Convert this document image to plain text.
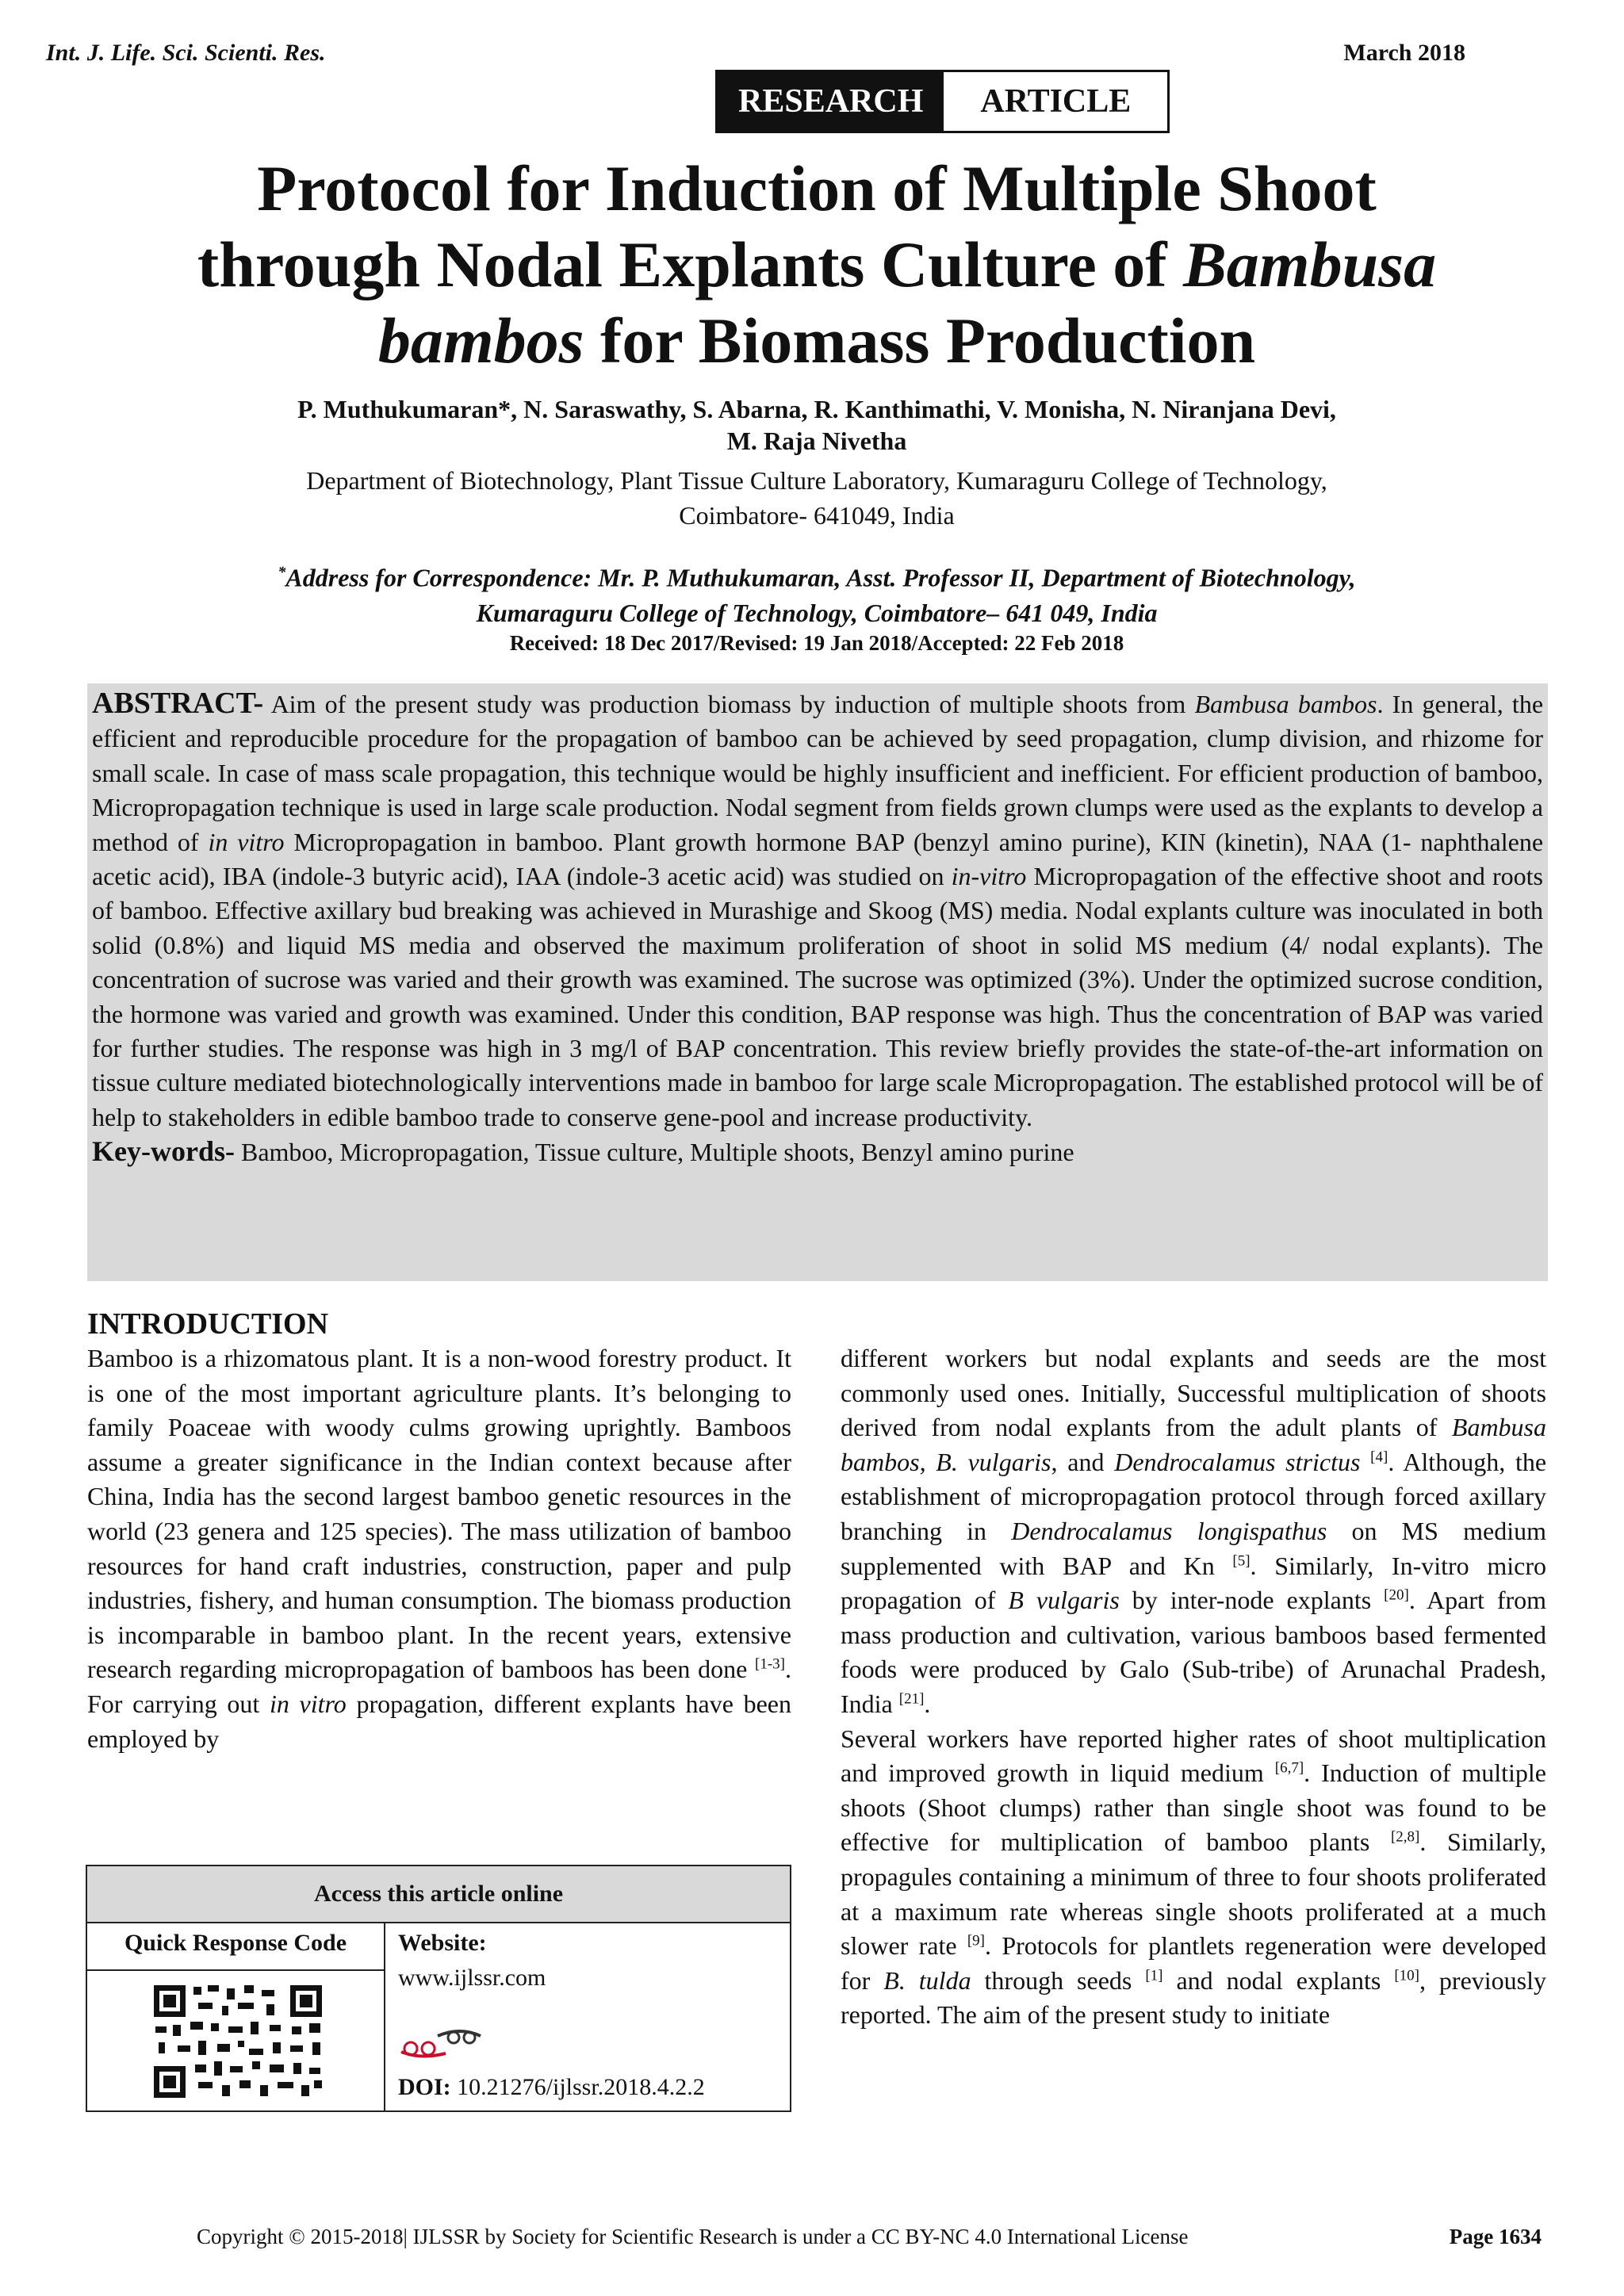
Int. J. Life. Sci. Scienti. Res.	March 2018
RESEARCH	ARTICLE
Protocol for Induction of Multiple Shoot
through Nodal Explants Culture of Bambusa
bambos for Biomass Production
P. Muthukumaran*, N. Saraswathy, S. Abarna, R. Kanthimathi, V. Monisha, N. Niranjana Devi,
M. Raja Nivetha
Department of Biotechnology, Plant Tissue Culture Laboratory, Kumaraguru College of Technology,
Coimbatore- 641049, India
*Address for Correspondence: Mr. P. Muthukumaran, Asst. Professor II, Department of Biotechnology,
Kumaraguru College of Technology, Coimbatore– 641 049, India
Received: 18 Dec 2017/Revised: 19 Jan 2018/Accepted: 22 Feb 2018

ABSTRACT- Aim of the present study was production biomass by induction of multiple shoots from Bambusa bambos. In general, the efficient and reproducible procedure for the propagation of bamboo can be achieved by seed propagation, clump division, and rhizome for small scale. In case of mass scale propagation, this technique would be highly insufficient and inefficient. For efficient production of bamboo, Micropropagation technique is used in large scale production. Nodal segment from fields grown clumps were used as the explants to develop a method of in vitro Micropropagation in bamboo. Plant growth hormone BAP (benzyl amino purine), KIN (kinetin), NAA (1- naphthalene acetic acid), IBA (indole-3 butyric acid), IAA (indole-3 acetic acid) was studied on in-vitro Micropropagation of the effective shoot and roots of bamboo. Effective axillary bud breaking was achieved in Murashige and Skoog (MS) media. Nodal explants culture was inoculated in both solid (0.8%) and liquid MS media and observed the maximum proliferation of shoot in solid MS medium (4/ nodal explants). The concentration of sucrose was varied and their growth was examined. The sucrose was optimized (3%). Under the optimized sucrose condition, the hormone was varied and growth was examined. Under this condition, BAP response was high. Thus the concentration of BAP was varied for further studies. The response was high in 3 mg/l of BAP concentration. This review briefly provides the state-of-the-art information on tissue culture mediated biotechnologically interventions made in bamboo for large scale Micropropagation. The established protocol will be of help to stakeholders in edible bamboo trade to conserve gene-pool and increase productivity.

Key-words- Bamboo, Micropropagation, Tissue culture, Multiple shoots, Benzyl amino purine

INTRODUCTION

Bamboo is a rhizomatous plant. It is a non-wood forestry product. It is one of the most important agriculture plants. It’s belonging to family Poaceae with woody culms growing uprightly. Bamboos assume a greater significance in the Indian context because after China, India has the second largest bamboo genetic resources in the world (23 genera and 125 species). The mass utilization of bamboo resources for hand craft industries, construction, paper and pulp industries, fishery, and human consumption. The biomass production is incomparable in bamboo plant. In the recent years, extensive research regarding micropropagation of bamboos has been done [1-3]. For carrying out in vitro propagation, different explants have been employed by

Access this article online
Quick Response Code	Website:
www.ijlssr.com
DOI: 10.21276/ijlssr.2018.4.2.2

different workers but nodal explants and seeds are the most commonly used ones. Initially, Successful multiplication of shoots derived from nodal explants from the adult plants of Bambusa bambos, B. vulgaris, and Dendrocalamus strictus [4]. Although, the establishment of micropropagation protocol through forced axillary branching in Dendrocalamus longispathus on MS medium supplemented with BAP and Kn [5]. Similarly, In-vitro micro propagation of B vulgaris by inter-node explants [20]. Apart from mass production and cultivation, various bamboos based fermented foods were produced by Galo (Sub-tribe) of Arunachal Pradesh, India [21].

Several workers have reported higher rates of shoot multiplication and improved growth in liquid medium [6,7]. Induction of multiple shoots (Shoot clumps) rather than single shoot was found to be effective for multiplication of bamboo plants [2,8]. Similarly, propagules containing a minimum of three to four shoots proliferated at a maximum rate whereas single shoots proliferated at a much slower rate [9]. Protocols for plantlets regeneration were developed for B. tulda through seeds [1] and nodal explants [10], previously reported. The aim of the present study to initiate

Copyright © 2015-2018| IJLSSR by Society for Scientific Research is under a CC BY-NC 4.0 International License	Page 1634
